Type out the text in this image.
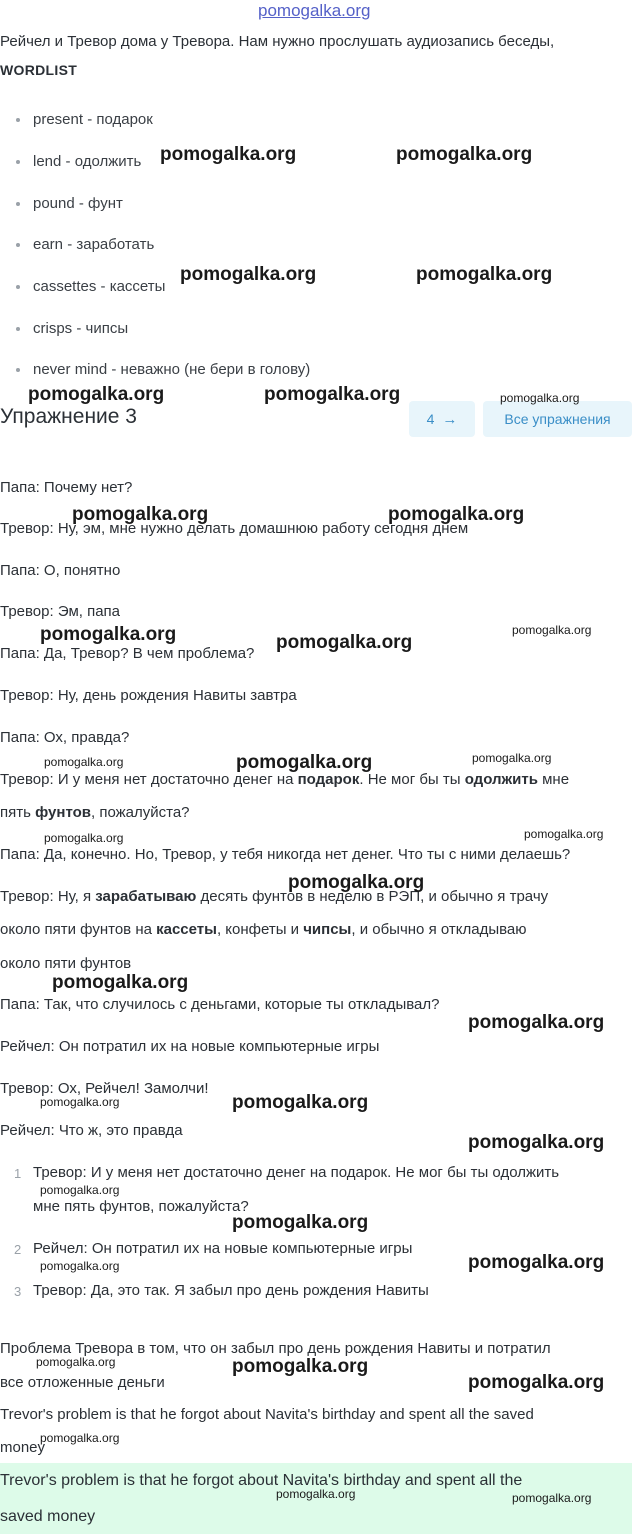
pomogalka.org
Рейчел и Тревор дома у Тревора. Нам нужно прослушать аудиозапись беседы,
WORDLIST
present - подарок
lend - одолжить
pound - фунт
earn - заработать
cassettes - кассеты
crisps - чипсы
never mind - неважно (не бери в голову)
Упражнение 3	4 →	Все упражнения

Папа: Почему нет?

Тревор: Ну, эм, мне нужно делать домашнюю работу сегодня днем

Папа: О, понятно

Тревор: Эм, папа

Папа: Да, Тревор? В чем проблема?

Тревор: Ну, день рождения Навиты завтра

Папа: Ох, правда?

Тревор: И у меня нет достаточно денег на подарок. Не мог бы ты одолжить мне

пять фунтов, пожалуйста?

Папа: Да, конечно. Но, Тревор, у тебя никогда нет денег. Что ты с ними делаешь?

Тревор: Ну, я зарабатываю десять фунтов в неделю в РЭП, и обычно я трачу

около пяти фунтов на кассеты, конфеты и чипсы, и обычно я откладываю

около пяти фунтов

Папа: Так, что случилось с деньгами, которые ты откладывал?

Рейчел: Он потратил их на новые компьютерные игры

Тревор: Ох, Рейчел! Замолчи!

Рейчел: Что ж, это правда

1 Тревор: И у меня нет достаточно денег на подарок. Не мог бы ты одолжить
мне пять фунтов, пожалуйста?
2 Рейчел: Он потратил их на новые компьютерные игры
3 Тревор: Да, это так. Я забыл про день рождения Навиты
Проблема Тревора в том, что он забыл про день рождения Навиты и потратил
все отложенные деньги
Trevor's problem is that he forgot about Navita's birthday and spent all the saved
money
Trevor's problem is that he forgot about Navita's birthday and spent all the
saved money
pomogalka.org	pomogalka.org
pomogalka.org	pomogalka.org
pomogalka.org	pomogalka.org	pomogalka.org
pomogalka.org	pomogalka.org
pomogalka.org	pomogalka.org
pomogalka.org
pomogalka.org	pomogalka.org	pomogalka.org
pomogalka.org	pomogalka.org
pomogalka.org
pomogalka.org
pomogalka.org
pomogalka.org	pomogalka.org
pomogalka.org
pomogalka.org
pomogalka.org
pomogalka.org	pomogalka.org
pomogalka.org	pomogalka.org
pomogalka.org
pomogalka.org
pomogalka.org	pomogalka.org
